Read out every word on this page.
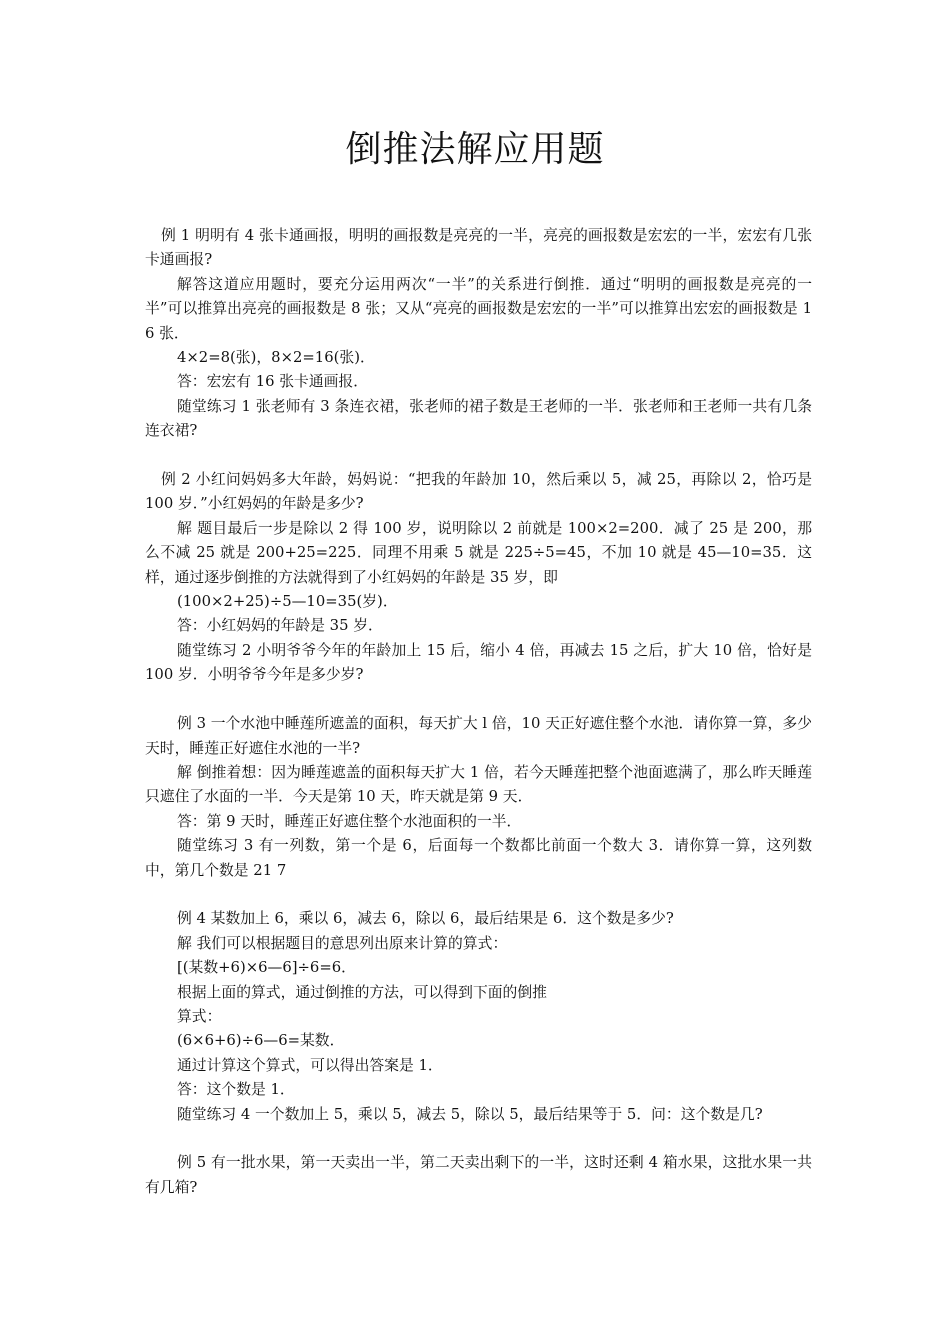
倒推法解应用题

例 1 明明有 4 张卡通画报，明明的画报数是亮亮的一半，亮亮的画报数是宏宏的一半，宏宏有几张卡通画报?

解答这道应用题时，要充分运用两次“一半”的关系进行倒推．通过“明明的画报数是亮亮的一半”可以推算出亮亮的画报数是 8 张；又从“亮亮的画报数是宏宏的一半”可以推算出宏宏的画报数是 1 6 张．

4×2=8(张)，8×2=16(张)．

答：宏宏有 16 张卡通画报．

随堂练习 1 张老师有 3 条连衣裙，张老师的裙子数是王老师的一半．张老师和王老师一共有几条连衣裙?

例 2 小红问妈妈多大年龄，妈妈说：“把我的年龄加 10，然后乘以 5，减 25，再除以 2，恰巧是 100 岁．”小红妈妈的年龄是多少?

解 题目最后一步是除以 2 得 100 岁，说明除以 2 前就是 100×2=200．减了 25 是 200，那么不减 25 就是 200+25=225．同理不用乘 5 就是 225÷5=45，不加 10 就是 45—10=35．这样，通过逐步倒推的方法就得到了小红妈妈的年龄是 35 岁，即

(100×2+25)÷5—10=35(岁)．

答：小红妈妈的年龄是 35 岁．

随堂练习 2 小明爷爷今年的年龄加上 15 后，缩小 4 倍，再减去 15 之后，扩大 10 倍，恰好是 100 岁．小明爷爷今年是多少岁?

例 3 一个水池中睡莲所遮盖的面积，每天扩大 l 倍，10 天正好遮住整个水池．请你算一算，多少天时，睡莲正好遮住水池的一半?

解 倒推着想：因为睡莲遮盖的面积每天扩大 1 倍，若今天睡莲把整个池面遮满了，那么昨天睡莲只遮住了水面的一半．今天是第 10 天，昨天就是第 9 天．

答：第 9 天时，睡莲正好遮住整个水池面积的一半．

随堂练习 3 有一列数，第一个是 6，后面每一个数都比前面一个数大 3．请你算一算，这列数中，第几个数是 21 7

例 4 某数加上 6，乘以 6，减去 6，除以 6，最后结果是 6．这个数是多少?

解 我们可以根据题目的意思列出原来计算的算式：

[(某数+6)×6—6]÷6=6．

根据上面的算式，通过倒推的方法，可以得到下面的倒推

算式：

(6×6+6)÷6—6=某数．

通过计算这个算式，可以得出答案是 1．

答：这个数是 1．

随堂练习 4 一个数加上 5，乘以 5，减去 5，除以 5，最后结果等于 5．问：这个数是几?

例 5 有一批水果，第一天卖出一半，第二天卖出剩下的一半，这时还剩 4 箱水果，这批水果一共有几箱?
